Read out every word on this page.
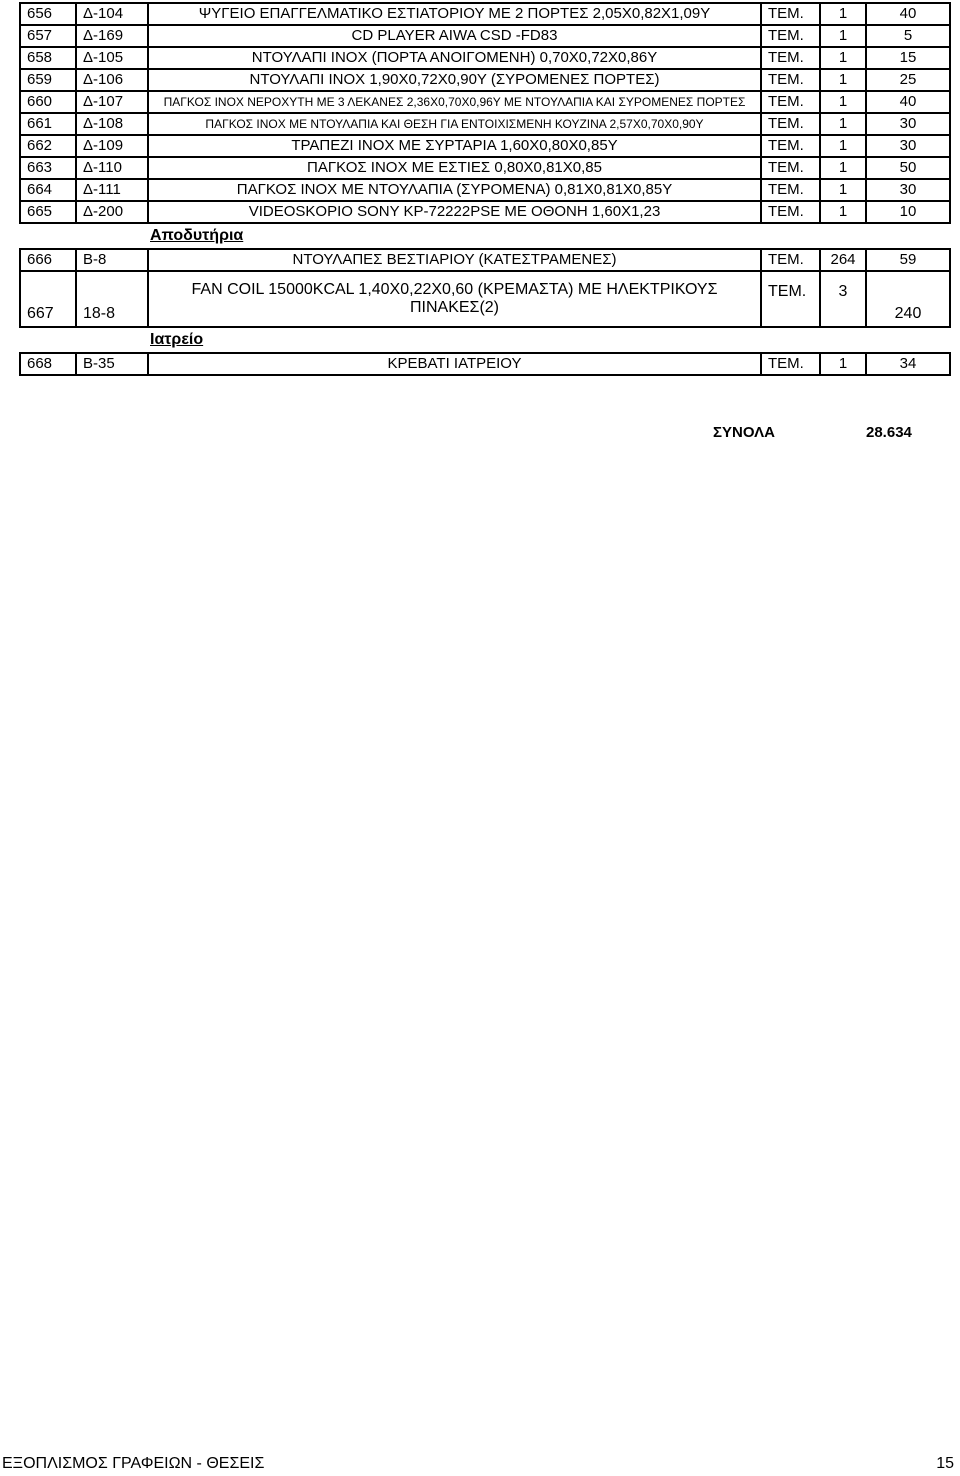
656	Δ-104	ΨΥΓΕΙΟ ΕΠΑΓΓΕΛΜΑΤΙΚΟ ΕΣΤΙΑΤΟΡΙΟΥ ΜΕ 2 ΠΟΡΤΕΣ 2,05Χ0,82Χ1,09Υ	ΤΕΜ.	1	40
657	Δ-169	CD PLAYER AIWA CSD -FD83	ΤΕΜ.	1	5
658	Δ-105	ΝΤΟΥΛΑΠΙ ΙΝΟΧ (ΠΟΡΤΑ ΑΝΟΙΓΟΜΕΝΗ) 0,70Χ0,72Χ0,86Υ	ΤΕΜ.	1	15
659	Δ-106	ΝΤΟΥΛΑΠΙ ΙΝΟΧ 1,90Χ0,72Χ0,90Υ (ΣΥΡΟΜΕΝΕΣ ΠΟΡΤΕΣ)	ΤΕΜ.	1	25
660	Δ-107	ΠΑΓΚΟΣ ΙΝΟΧ ΝΕΡΟΧΥΤΗ ΜΕ 3 ΛΕΚΑΝΕΣ 2,36Χ0,70Χ0,96Υ ΜΕ ΝΤΟΥΛΑΠΙΑ ΚΑΙ ΣΥΡΟΜΕΝΕΣ ΠΟΡΤΕΣ	ΤΕΜ.	1	40
661	Δ-108	ΠΑΓΚΟΣ ΙΝΟΧ ΜΕ ΝΤΟΥΛΑΠΙΑ ΚΑΙ ΘΕΣΗ ΓΙΑ ΕΝΤΟΙΧΙΣΜΕΝΗ ΚΟΥΖΙΝΑ 2,57Χ0,70Χ0,90Υ	ΤΕΜ.	1	30
662	Δ-109	ΤΡΑΠΕΖΙ ΙΝΟΧ ΜΕ ΣΥΡΤΑΡΙΑ 1,60Χ0,80Χ0,85Υ	ΤΕΜ.	1	30
663	Δ-110	ΠΑΓΚΟΣ ΙΝΟΧ ΜΕ ΕΣΤΙΕΣ 0,80Χ0,81Χ0,85	ΤΕΜ.	1	50
664	Δ-111	ΠΑΓΚΟΣ ΙΝΟΧ ΜΕ ΝΤΟΥΛΑΠΙΑ (ΣΥΡΟΜΕΝΑ) 0,81Χ0,81Χ0,85Υ	ΤΕΜ.	1	30
665	Δ-200	VIDEOSKOPIO SONY KP-72222PSE ΜΕ ΟΘΟΝΗ 1,60Χ1,23	ΤΕΜ.	1	10
		Αποδυτήρια			
666	Β-8	ΝΤΟΥΛΑΠΕΣ ΒΕΣΤΙΑΡΙΟΥ (ΚΑΤΕΣΤΡΑΜΕΝΕΣ)	ΤΕΜ.	264	59
667	18-8	FAN COIL 15000KCAL 1,40X0,22X0,60 (ΚΡΕΜΑΣΤΑ) ΜΕ ΗΛΕΚΤΡΙΚΟΥΣ ΠΙΝΑΚΕΣ(2)	ΤΕΜ.	3	240
		Ιατρείο			
668	Β-35	ΚΡΕΒΑΤΙ ΙΑΤΡΕΙΟΥ	ΤΕΜ.	1	34
ΣΥΝΟΛΑ	28.634
ΕΞΟΠΛΙΣΜΟΣ ΓΡΑΦΕΙΩΝ - ΘΕΣΕΙΣ	15
